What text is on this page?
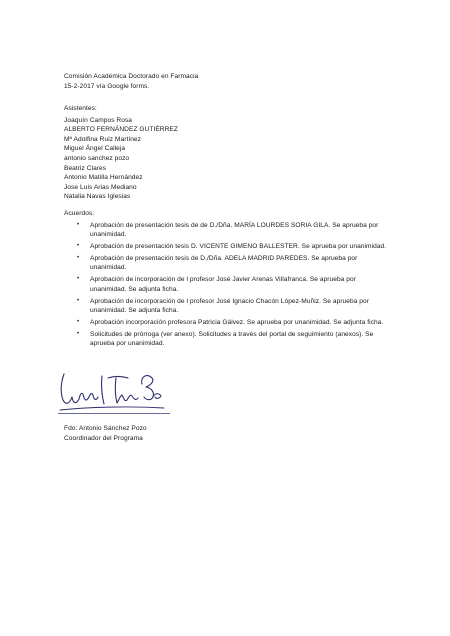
Comisión Académica Doctorado en Farmacia
15-2-2017 vía Google forms.
Asistentes:
Joaquín Campos Rosa
ALBERTO FERNÁNDEZ GUTIÉRREZ
Mª Adolfina Ruiz Martínez
Miguel Ángel Calleja
antonio sanchez pozo
Beatriz Clares
Antonio Matilla Hernández
Jose Luis Arias Mediano
Natalia Navas Iglesias
Acuerdos:
• Aprobación de presentación tesis de de D./Dña. MARÍA LOURDES SORIA GILA. Se aprueba por unanimidad.
• Aprobación de presentación tesis D. VICENTE GIMENO BALLESTER. Se aprueba por unanimidad.
• Aprobación de presentación tesis de D./Dña. ADELA MADRID PAREDES. Se aprueba por unanimidad.
• Aprobación de incorporación de l profesor José Javier Arenas Villafranca. Se aprueba por unanimidad. Se adjunta ficha.
• Aprobación de incorporación de l profesor José Ignacio Chacón López-Muñiz. Se aprueba por unanimidad. Se adjunta ficha.
• Aprobación incorporación profesora Patricia Gálvez. Se aprueba por unanimidad. Se adjunta ficha.
• Solicitudes de prórroga (ver anexo). Solicitudes a través del portal de seguimiento (anexos). Se aprueba por unanimidad.
Fdo: Antonio Sánchez Pozo
Coordinador del Programa
